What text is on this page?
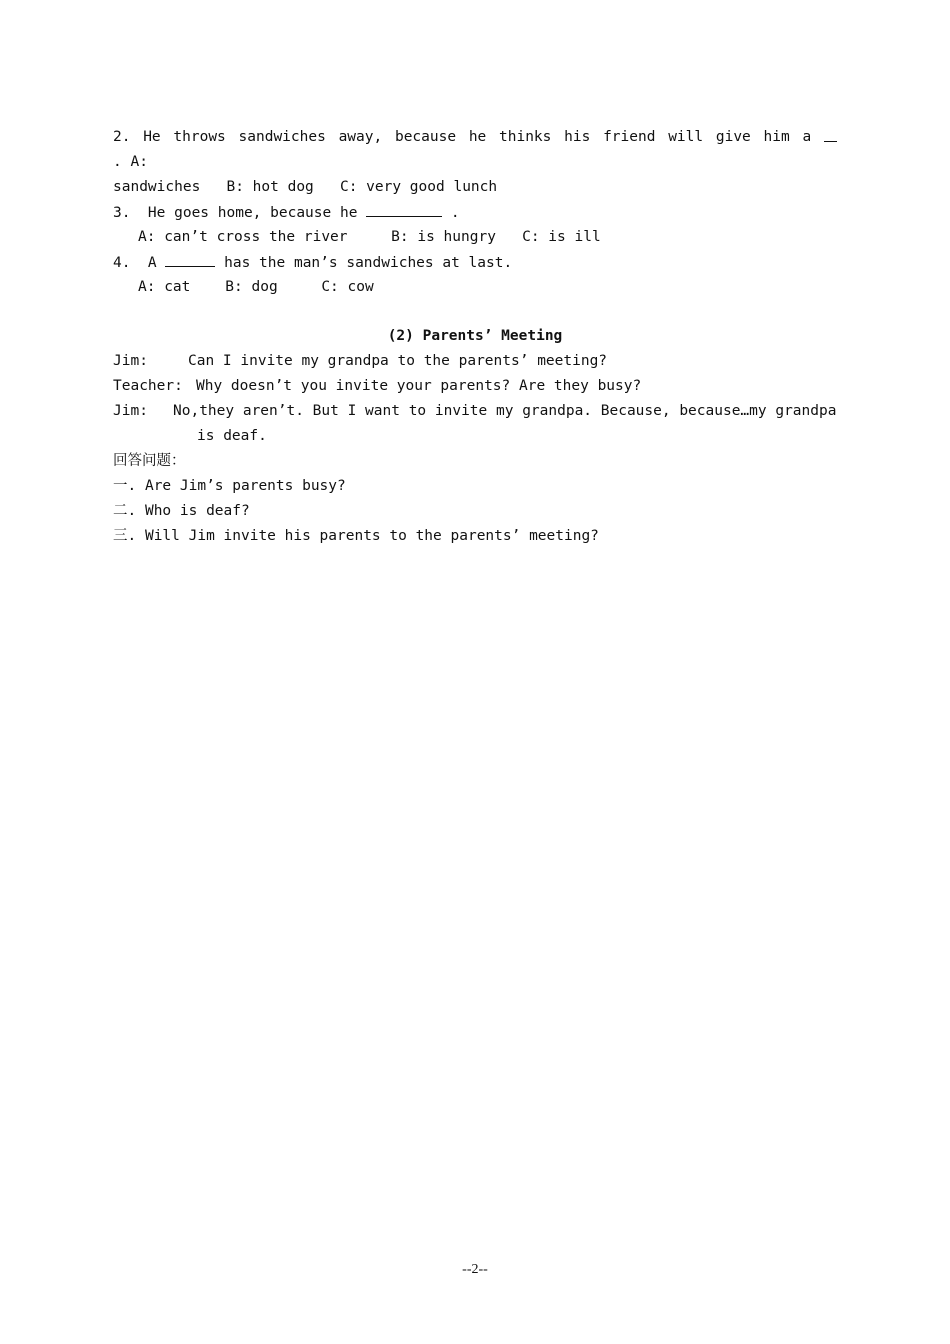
2. He throws sandwiches away, because he thinks his friend will give him a
. A:
sandwiches   B: hot dog   C: very good lunch
3.  He goes home, because he	.
A: can’t cross the river     B: is hungry   C: is ill
4.  A	has the man’s sandwiches at last.
A: cat    B: dog     C: cow
(2) Parents’ Meeting
Jim:	Can I invite my grandpa to the parents’ meeting?
Teacher: Why doesn’t you invite your parents? Are they busy?
Jim: No,they aren’t. But I want to invite my grandpa. Because, because…my grandpa
is deaf.
回答问题：
一. Are Jim’s parents busy?
二. Who is deaf?
三. Will Jim invite his parents to the parents’ meeting?
--2--
